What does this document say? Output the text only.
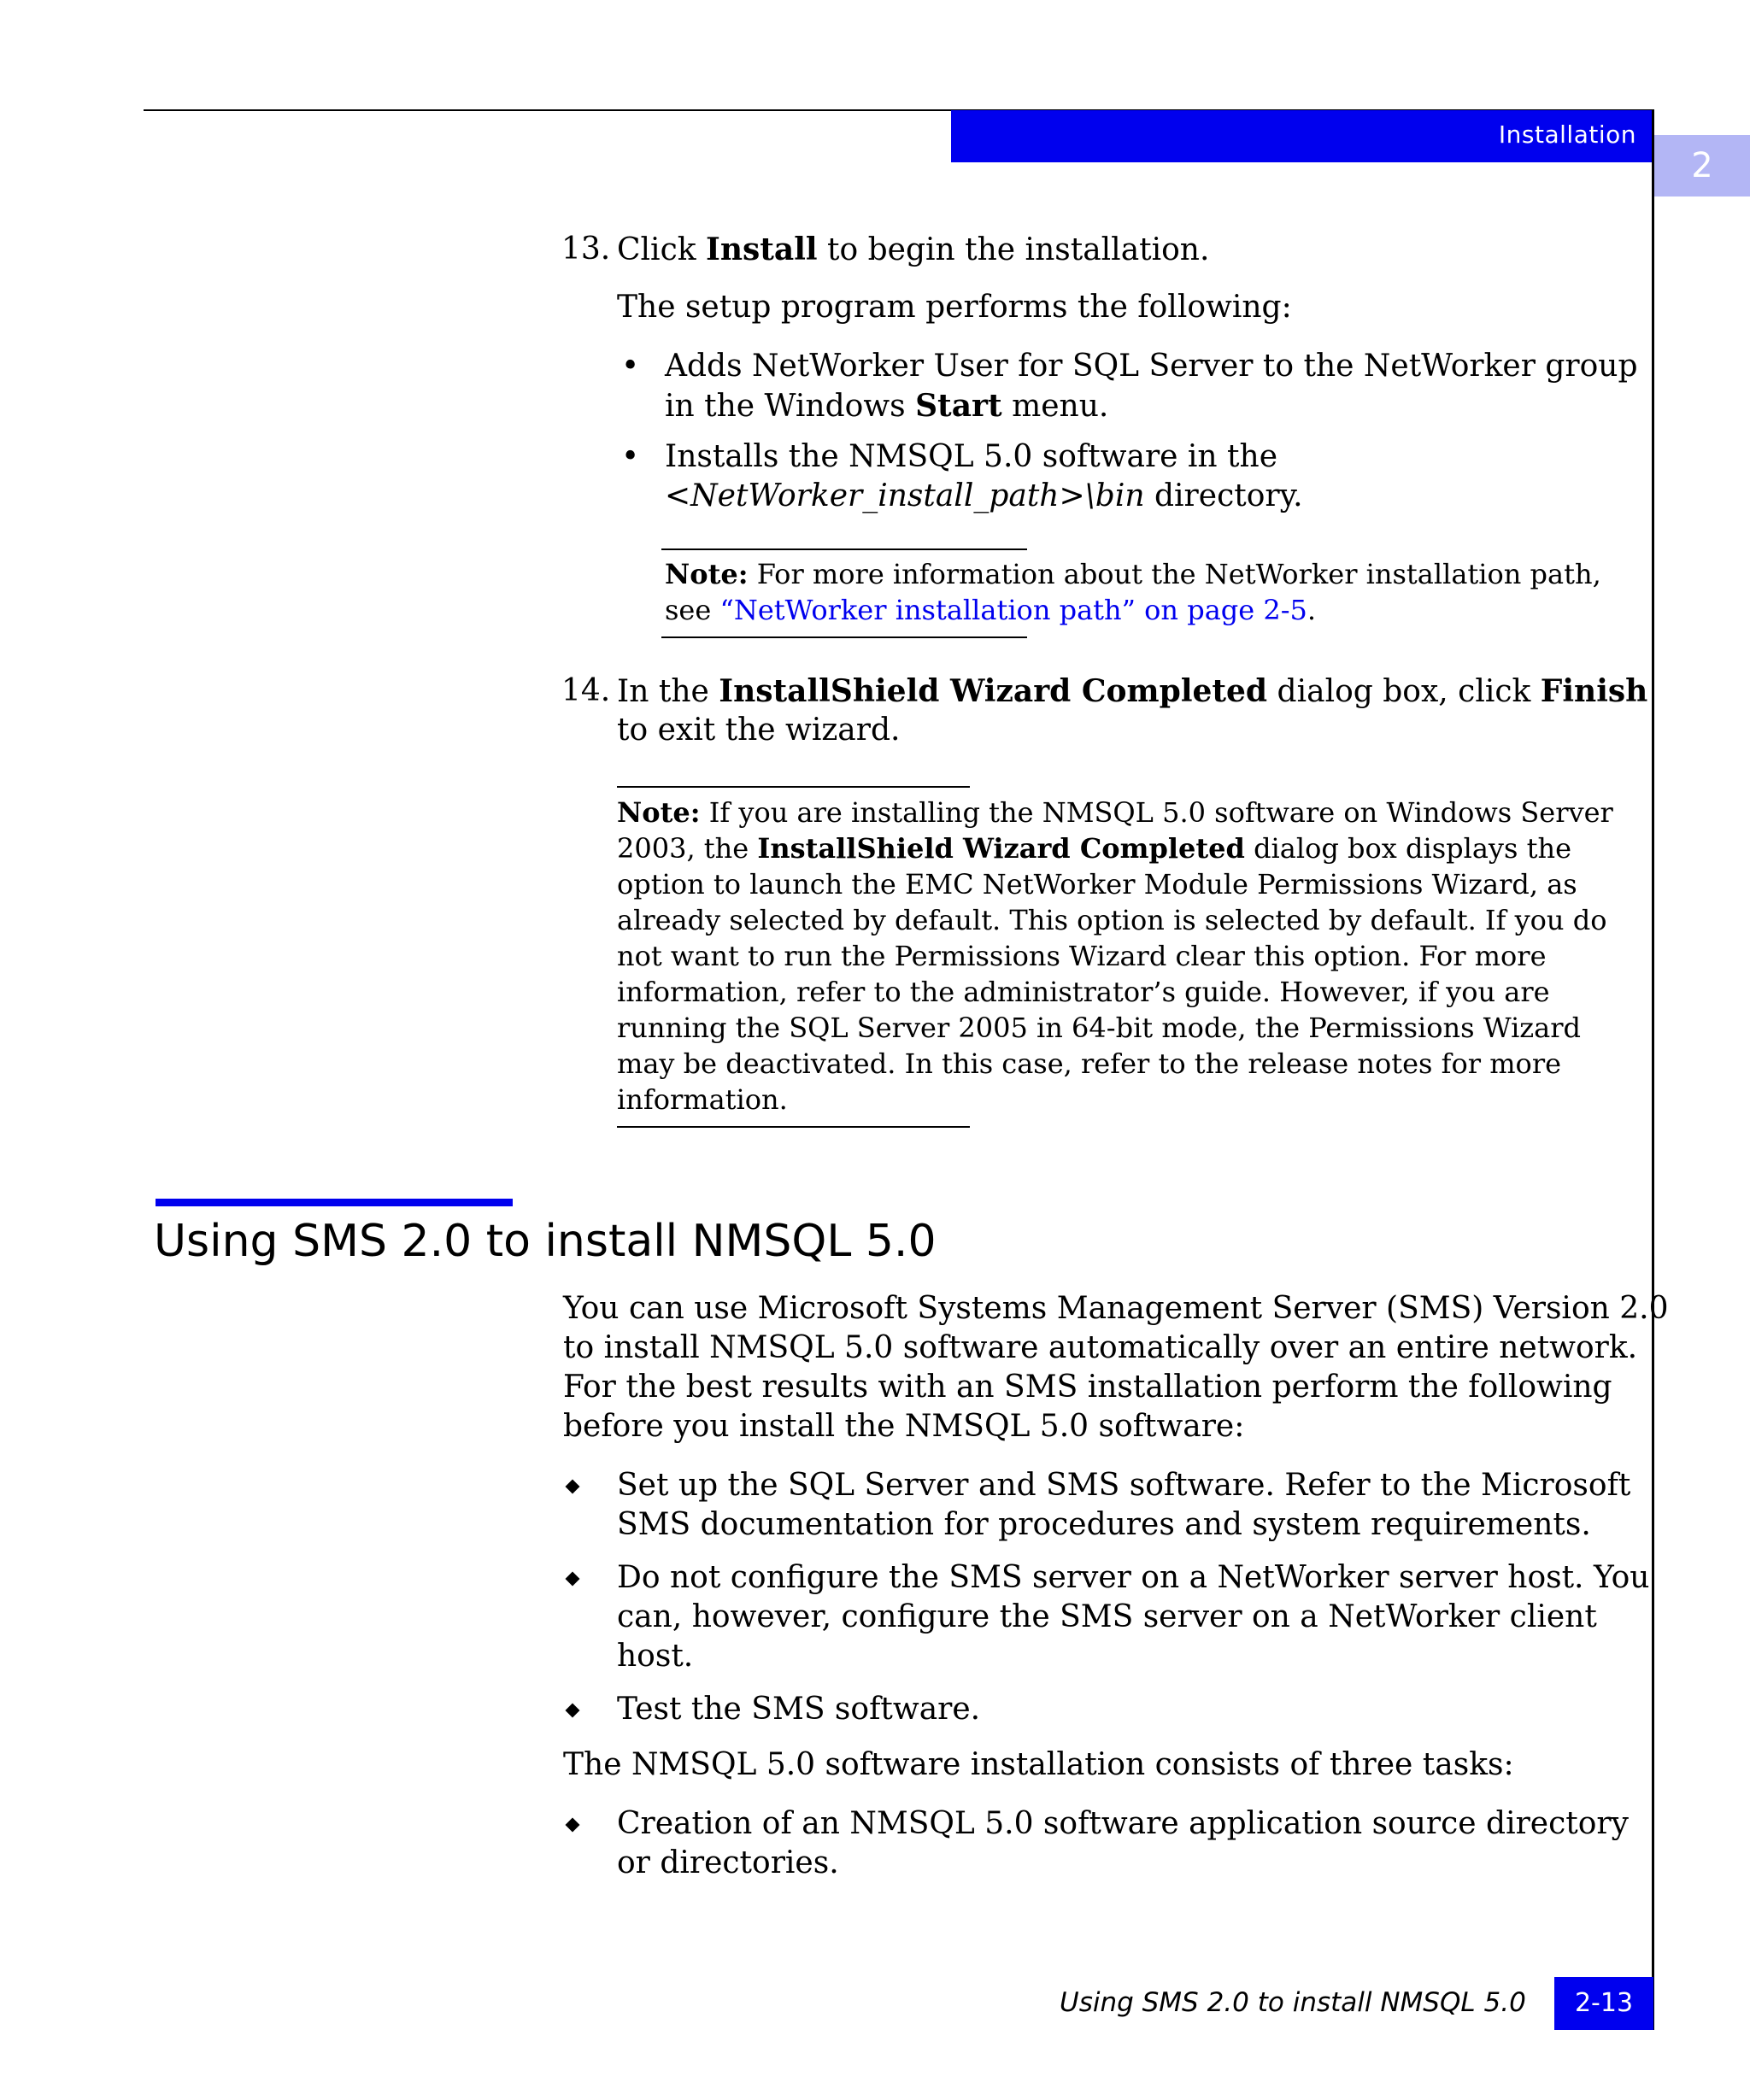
Installation
2
13. Click Install to begin the installation.
The setup program performs the following:
• Adds NetWorker User for SQL Server to the NetWorker group
in the Windows Start menu.
• Installs the NMSQL 5.0 software in the
<NetWorker_install_path>\bin directory.
Note: For more information about the NetWorker installation path,
see “NetWorker installation path” on page 2-5.
14. In the InstallShield Wizard Completed dialog box, click Finish
to exit the wizard.
Note: If you are installing the NMSQL 5.0 software on Windows Server
2003, the InstallShield Wizard Completed dialog box displays the
option to launch the EMC NetWorker Module Permissions Wizard, as
already selected by default. This option is selected by default. If you do
not want to run the Permissions Wizard clear this option. For more
information, refer to the administrator’s guide. However, if you are
running the SQL Server 2005 in 64-bit mode, the Permissions Wizard
may be deactivated. In this case, refer to the release notes for more
information.
Using SMS 2.0 to install NMSQL 5.0
You can use Microsoft Systems Management Server (SMS) Version 2.0
to install NMSQL 5.0 software automatically over an entire network.
For the best results with an SMS installation perform the following
before you install the NMSQL 5.0 software:
Set up the SQL Server and SMS software. Refer to the Microsoft
SMS documentation for procedures and system requirements.
Do not configure the SMS server on a NetWorker server host. You
can, however, configure the SMS server on a NetWorker client
host.
Test the SMS software.
The NMSQL 5.0 software installation consists of three tasks:
Creation of an NMSQL 5.0 software application source directory
or directories.
Using SMS 2.0 to install NMSQL 5.0	2-13
